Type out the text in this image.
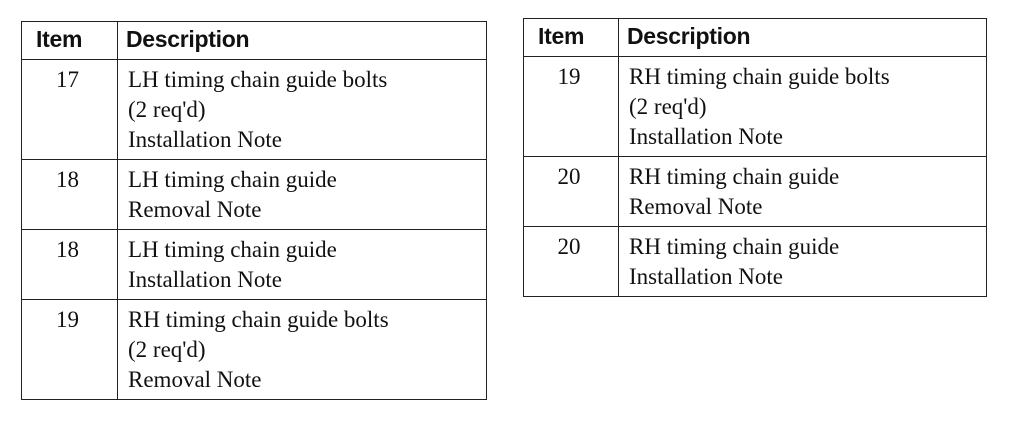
Item	Description
17	LH timing chain guide bolts
(2 req'd)
Installation Note

18	LH timing chain guide
Removal Note

18	LH timing chain guide
Installation Note

19	RH timing chain guide bolts
(2 req'd)
Removal Note
Item	Description
19	RH timing chain guide bolts
(2 req'd)
Installation Note

20	RH timing chain guide
Removal Note

20	RH timing chain guide
Installation Note
